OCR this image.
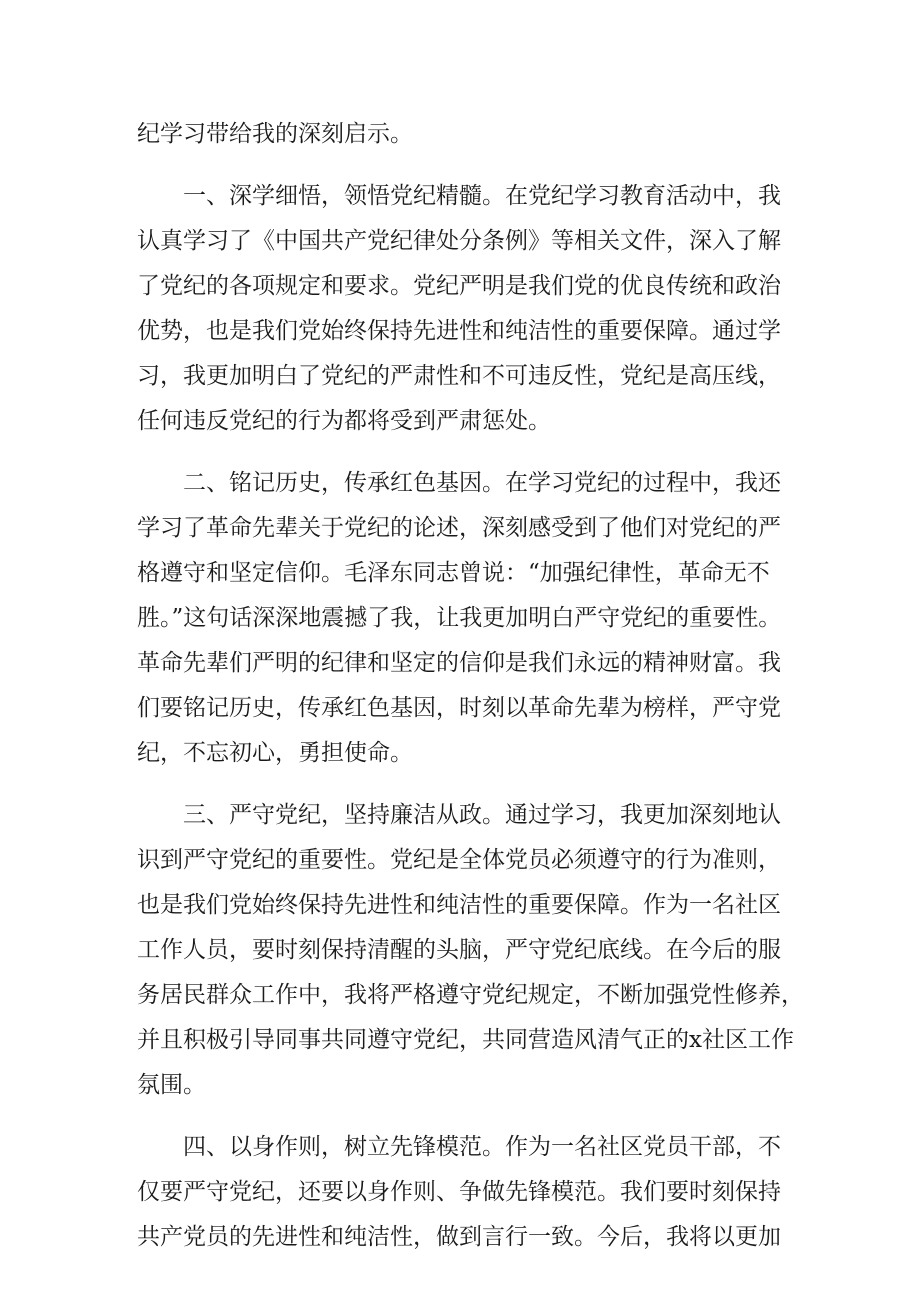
纪学习带给我的深刻启示。
一、深学细悟，领悟党纪精髓。在党纪学习教育活动中，我
认真学习了《中国共产党纪律处分条例》等相关文件，深入了解
了党纪的各项规定和要求。党纪严明是我们党的优良传统和政治
优势，也是我们党始终保持先进性和纯洁性的重要保障。通过学
习，我更加明白了党纪的严肃性和不可违反性，党纪是高压线，
任何违反党纪的行为都将受到严肃惩处。
二、铭记历史，传承红色基因。在学习党纪的过程中，我还
学习了革命先辈关于党纪的论述，深刻感受到了他们对党纪的严
格遵守和坚定信仰。毛泽东同志曾说：“加强纪律性，革命无不
胜。”这句话深深地震撼了我，让我更加明白严守党纪的重要性。
革命先辈们严明的纪律和坚定的信仰是我们永远的精神财富。我
们要铭记历史，传承红色基因，时刻以革命先辈为榜样，严守党
纪，不忘初心，勇担使命。
三、严守党纪，坚持廉洁从政。通过学习，我更加深刻地认
识到严守党纪的重要性。党纪是全体党员必须遵守的行为准则，
也是我们党始终保持先进性和纯洁性的重要保障。作为一名社区
工作人员，要时刻保持清醒的头脑，严守党纪底线。在今后的服
务居民群众工作中，我将严格遵守党纪规定，不断加强党性修养，
并且积极引导同事共同遵守党纪，共同营造风清气正的x社区工作
氛围。
四、以身作则，树立先锋模范。作为一名社区党员干部，不
仅要严守党纪，还要以身作则、争做先锋模范。我们要时刻保持
共产党员的先进性和纯洁性，做到言行一致。今后，我将以更加
